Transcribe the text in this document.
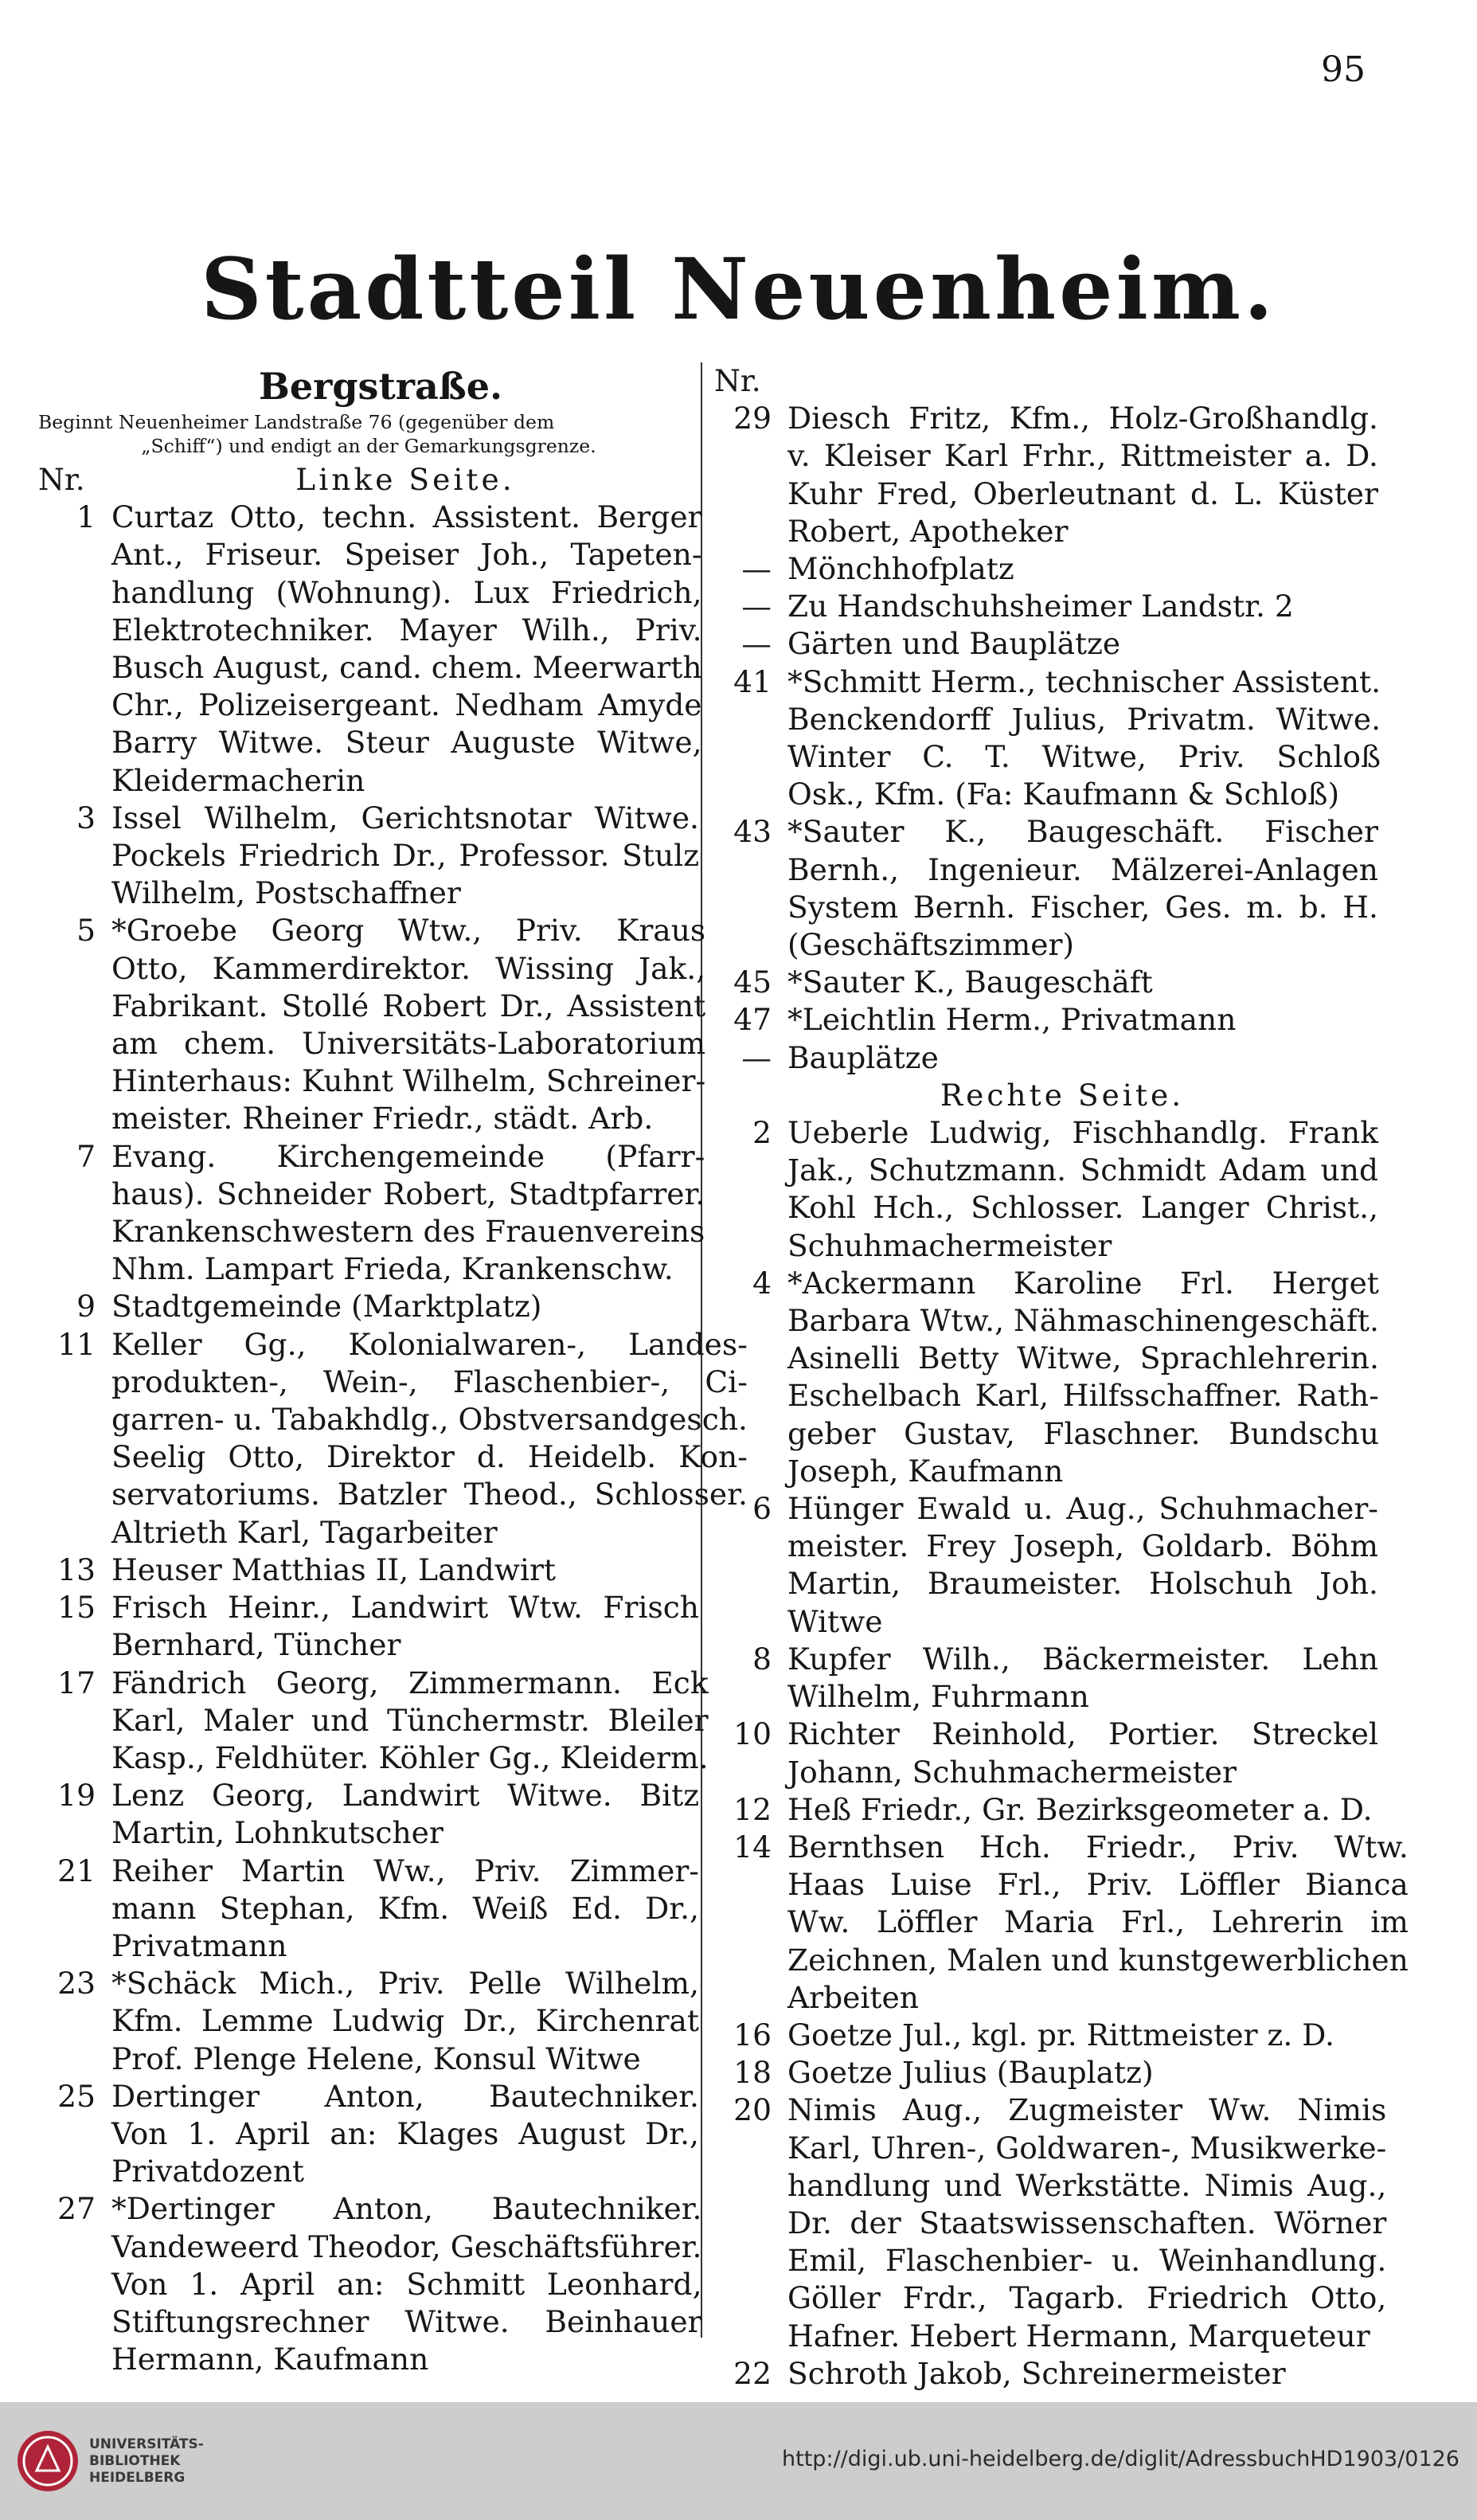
95
Stadtteil Neuenheim.
Bergstraße.
Beginnt Neuenheimer Landstraße 76 (gegenüber dem
„Schiff“) und endigt an der Gemarkungsgrenze.
Nr.	Linke Seite.
1 Curtaz Otto, techn. Assistent. Berger
Ant., Friseur. Speiser Joh., Tapeten-
handlung (Wohnung). Lux Friedrich,
Elektrotechniker. Mayer Wilh., Priv.
Busch August, cand. chem. Meerwarth
Chr., Polizeisergeant. Nedham Amyde
Barry Witwe. Steur Auguste Witwe,
Kleidermacherin
3 Issel Wilhelm, Gerichtsnotar Witwe.
Pockels Friedrich Dr., Professor. Stulz
Wilhelm, Postschaffner
5 *Groebe Georg Wtw., Priv. Kraus
Otto, Kammerdirektor. Wissing Jak.,
Fabrikant. Stollé Robert Dr., Assistent
am chem. Universitäts-Laboratorium
Hinterhaus: Kuhnt Wilhelm, Schreiner-
meister. Rheiner Friedr., städt. Arb.
7 Evang. Kirchengemeinde (Pfarr-
haus). Schneider Robert, Stadtpfarrer.
Krankenschwestern des Frauenvereins
Nhm. Lampart Frieda, Krankenschw.
9 Stadtgemeinde (Marktplatz)
11 Keller Gg., Kolonialwaren-, Landes-
produkten-, Wein-, Flaschenbier-, Ci-
garren- u. Tabakhdlg., Obstversandgesch.
Seelig Otto, Direktor d. Heidelb. Kon-
servatoriums. Batzler Theod., Schlosser.
Altrieth Karl, Tagarbeiter
13 Heuser Matthias II, Landwirt
15 Frisch Heinr., Landwirt Wtw. Frisch
Bernhard, Tüncher
17 Fändrich Georg, Zimmermann. Eck
Karl, Maler und Tünchermstr. Bleiler
Kasp., Feldhüter. Köhler Gg., Kleiderm.
19 Lenz Georg, Landwirt Witwe. Bitz
Martin, Lohnkutscher
21 Reiher Martin Ww., Priv. Zimmer-
mann Stephan, Kfm. Weiß Ed. Dr.,
Privatmann
23 *Schäck Mich., Priv. Pelle Wilhelm,
Kfm. Lemme Ludwig Dr., Kirchenrat
Prof. Plenge Helene, Konsul Witwe
25 Dertinger Anton, Bautechniker.
Von 1. April an: Klages August Dr.,
Privatdozent
27 *Dertinger Anton, Bautechniker.
Vandeweerd Theodor, Geschäftsführer.
Von 1. April an: Schmitt Leonhard,
Stiftungsrechner Witwe. Beinhauer
Hermann, Kaufmann
Nr.
29 Diesch Fritz, Kfm., Holz-Großhandlg.
v. Kleiser Karl Frhr., Rittmeister a. D.
Kuhr Fred, Oberleutnant d. L. Küster
Robert, Apotheker
— Mönchhofplatz
— Zu Handschuhsheimer Landstr. 2
— Gärten und Bauplätze
41 *Schmitt Herm., technischer Assistent.
Benckendorff Julius, Privatm. Witwe.
Winter C. T. Witwe, Priv. Schloß
Osk., Kfm. (Fa: Kaufmann & Schloß)
43 *Sauter K., Baugeschäft. Fischer
Bernh., Ingenieur. Mälzerei-Anlagen
System Bernh. Fischer, Ges. m. b. H.
(Geschäftszimmer)
45 *Sauter K., Baugeschäft
47 *Leichtlin Herm., Privatmann
— Bauplätze
Rechte Seite.
2 Ueberle Ludwig, Fischhandlg. Frank
Jak., Schutzmann. Schmidt Adam und
Kohl Hch., Schlosser. Langer Christ.,
Schuhmachermeister
4 *Ackermann Karoline Frl. Herget
Barbara Wtw., Nähmaschinengeschäft.
Asinelli Betty Witwe, Sprachlehrerin.
Eschelbach Karl, Hilfsschaffner. Rath-
geber Gustav, Flaschner. Bundschu
Joseph, Kaufmann
6 Hünger Ewald u. Aug., Schuhmacher-
meister. Frey Joseph, Goldarb. Böhm
Martin, Braumeister. Holschuh Joh.
Witwe
8 Kupfer Wilh., Bäckermeister. Lehn
Wilhelm, Fuhrmann
10 Richter Reinhold, Portier. Streckel
Johann, Schuhmachermeister
12 Heß Friedr., Gr. Bezirksgeometer a. D.
14 Bernthsen Hch. Friedr., Priv. Wtw.
Haas Luise Frl., Priv. Löffler Bianca
Ww. Löffler Maria Frl., Lehrerin im
Zeichnen, Malen und kunstgewerblichen
Arbeiten
16 Goetze Jul., kgl. pr. Rittmeister z. D.
18 Goetze Julius (Bauplatz)
20 Nimis Aug., Zugmeister Ww. Nimis
Karl, Uhren-, Goldwaren-, Musikwerke-
handlung und Werkstätte. Nimis Aug.,
Dr. der Staatswissenschaften. Wörner
Emil, Flaschenbier- u. Weinhandlung.
Göller Frdr., Tagarb. Friedrich Otto,
Hafner. Hebert Hermann, Marqueteur
22 Schroth Jakob, Schreinermeister
UNIVERSITÄTS-
BIBLIOTHEK
HEIDELBERG
http://digi.ub.uni-heidelberg.de/diglit/AdressbuchHD1903/0126
